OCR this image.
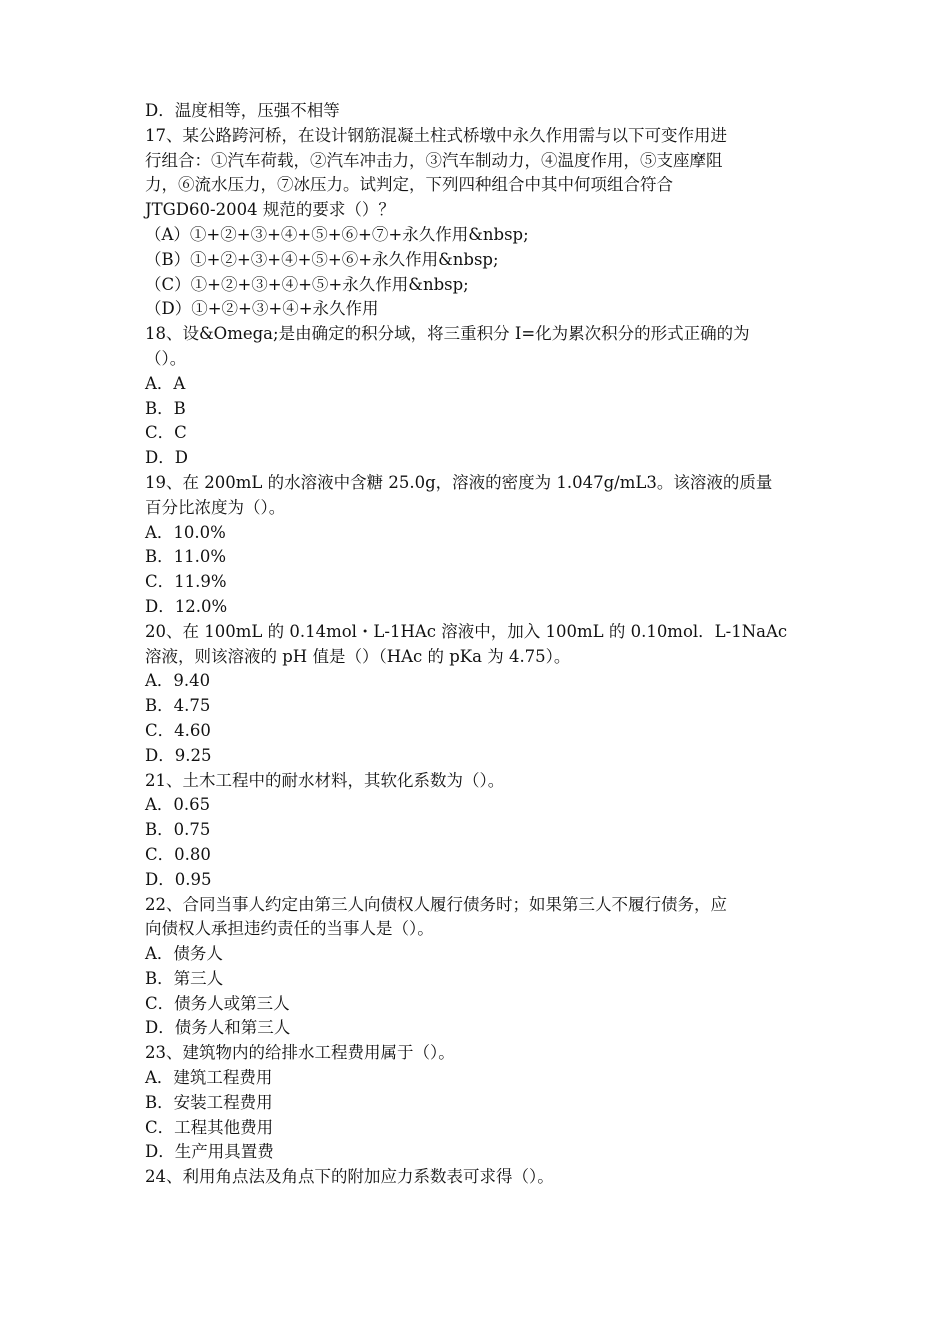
D．温度相等，压强不相等
17、某公路跨河桥，在设计钢筋混凝土柱式桥墩中永久作用需与以下可变作用进
行组合：①汽车荷载，②汽车冲击力，③汽车制动力，④温度作用，⑤支座摩阻
力，⑥流水压力，⑦冰压力。试判定，下列四种组合中其中何项组合符合
JTGD60-2004 规范的要求（）？
（A）①+②+③+④+⑤+⑥+⑦+永久作用&nbsp;
（B）①+②+③+④+⑤+⑥+永久作用&nbsp;
（C）①+②+③+④+⑤+永久作用&nbsp;
（D）①+②+③+④+永久作用
18、设&Omega;是由确定的积分域，将三重积分 I=化为累次积分的形式正确的为
（）。
A．A
B．B
C．C
D．D
19、在 200mL 的水溶液中含糖 25.0g，溶液的密度为 1.047g/mL3。该溶液的质量
百分比浓度为（）。
A．10.0%
B．11.0%
C．11.9%
D．12.0%
20、在 100mL 的 0.14mol・L-1HAc 溶液中，加入 100mL 的 0.10mol．L-1NaAc
溶液，则该溶液的 pH 值是（）（HAc 的 pKa 为 4.75）。
A．9.40
B．4.75
C．4.60
D．9.25
21、土木工程中的耐水材料，其软化系数为（）。
A．0.65
B．0.75
C．0.80
D．0.95
22、合同当事人约定由第三人向债权人履行债务时；如果第三人不履行债务，应
向债权人承担违约责任的当事人是（）。
A．债务人
B．第三人
C．债务人或第三人
D．债务人和第三人
23、建筑物内的给排水工程费用属于（）。
A．建筑工程费用
B．安装工程费用
C．工程其他费用
D．生产用具置费
24、利用角点法及角点下的附加应力系数表可求得（）。
